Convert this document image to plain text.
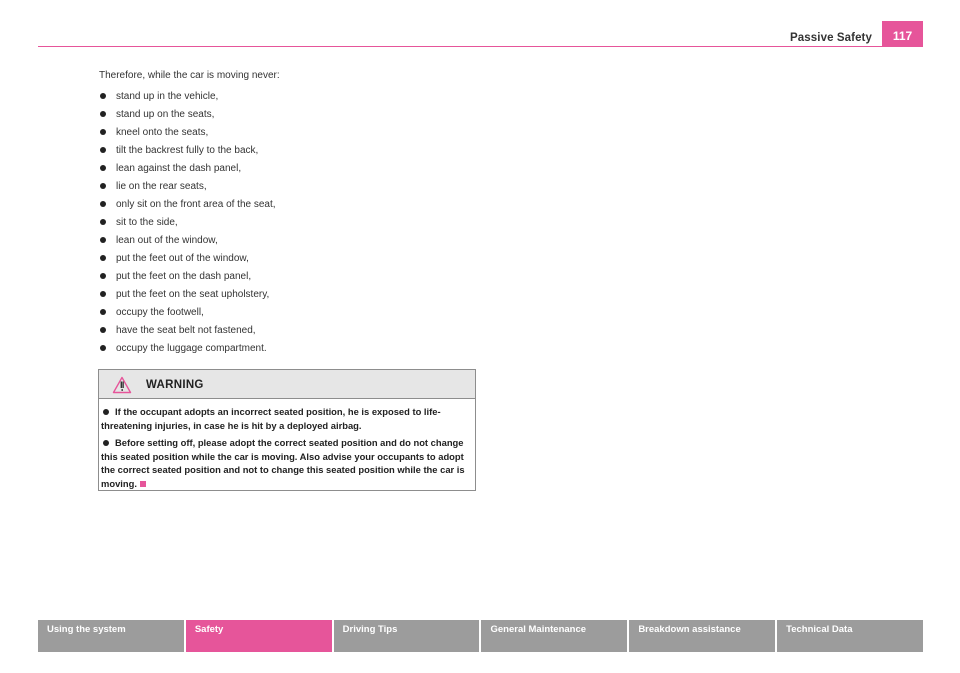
Passive Safety	117
Therefore, while the car is moving never:
stand up in the vehicle,
stand up on the seats,
kneel onto the seats,
tilt the backrest fully to the back,
lean against the dash panel,
lie on the rear seats,
only sit on the front area of the seat,
sit to the side,
lean out of the window,
put the feet out of the window,
put the feet on the dash panel,
put the feet on the seat upholstery,
occupy the footwell,
have the seat belt not fastened,
occupy the luggage compartment.
WARNING

If the occupant adopts an incorrect seated position, he is exposed to life-threatening injuries, in case he is hit by a deployed airbag.

Before setting off, please adopt the correct seated position and do not change this seated position while the car is moving. Also advise your occupants to adopt the correct seated position and not to change this seated position while the car is moving.

Using the system	Safety	Driving Tips	General Maintenance	Breakdown assistance	Technical Data
